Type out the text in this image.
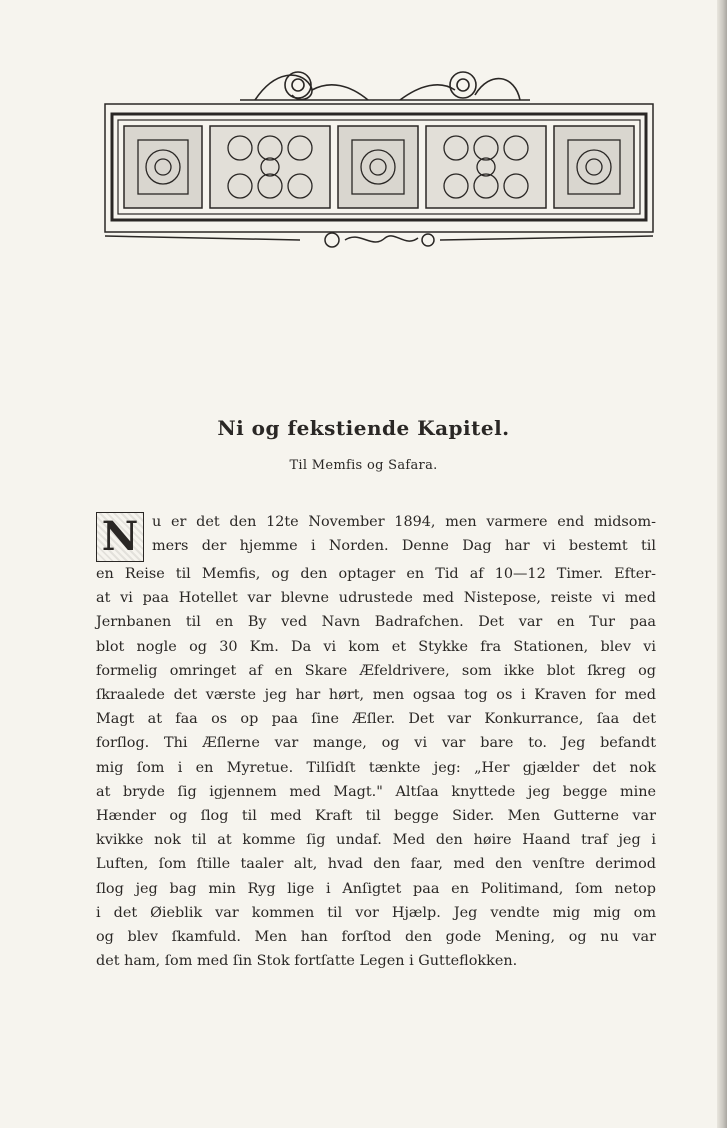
Ni og fekstiende Kapitel.
Til Memfis og Safara.
N u er det den 12te November 1894, men varmere end midsom-
mers der hjemme i Norden. Denne Dag har vi bestemt til
en Reise til Memfis, og den optager en Tid af 10—12 Timer. Efter-
at vi paa Hotellet var blevne udrustede med Nistepose, reiste vi med
Jernbanen til en By ved Navn Badrafchen. Det var en Tur paa
blot nogle og 30 Km. Da vi kom et Stykke fra Stationen, blev vi
formelig omringet af en Skare Æfeldrivere, som ikke blot ſkreg og
ſkraalede det værste jeg har hørt, men ogsaa tog os i Kraven for med
Magt at faa os op paa ſine Æſler. Det var Konkurrance, ſaa det
forſlog. Thi Æſlerne var mange, og vi var bare to. Jeg befandt
mig ſom i en Myretue. Tilſidſt tænkte jeg: „Her gjælder det nok
at bryde ſig igjennem med Magt." Altſaa knyttede jeg begge mine
Hænder og ſlog til med Kraft til begge Sider. Men Gutterne var
kvikke nok til at komme ſig undaf. Med den høire Haand traf jeg i
Luften, ſom ſtille taaler alt, hvad den faar, med den venſtre derimod
ſlog jeg bag min Ryg lige i Anſigtet paa en Politimand, ſom netop
i det Øieblik var kommen til vor Hjælp. Jeg vendte mig mig om
og blev ſkamfuld. Men han forſtod den gode Mening, og nu var
det ham, ſom med ſin Stok fortſatte Legen i Gutteflokken.
